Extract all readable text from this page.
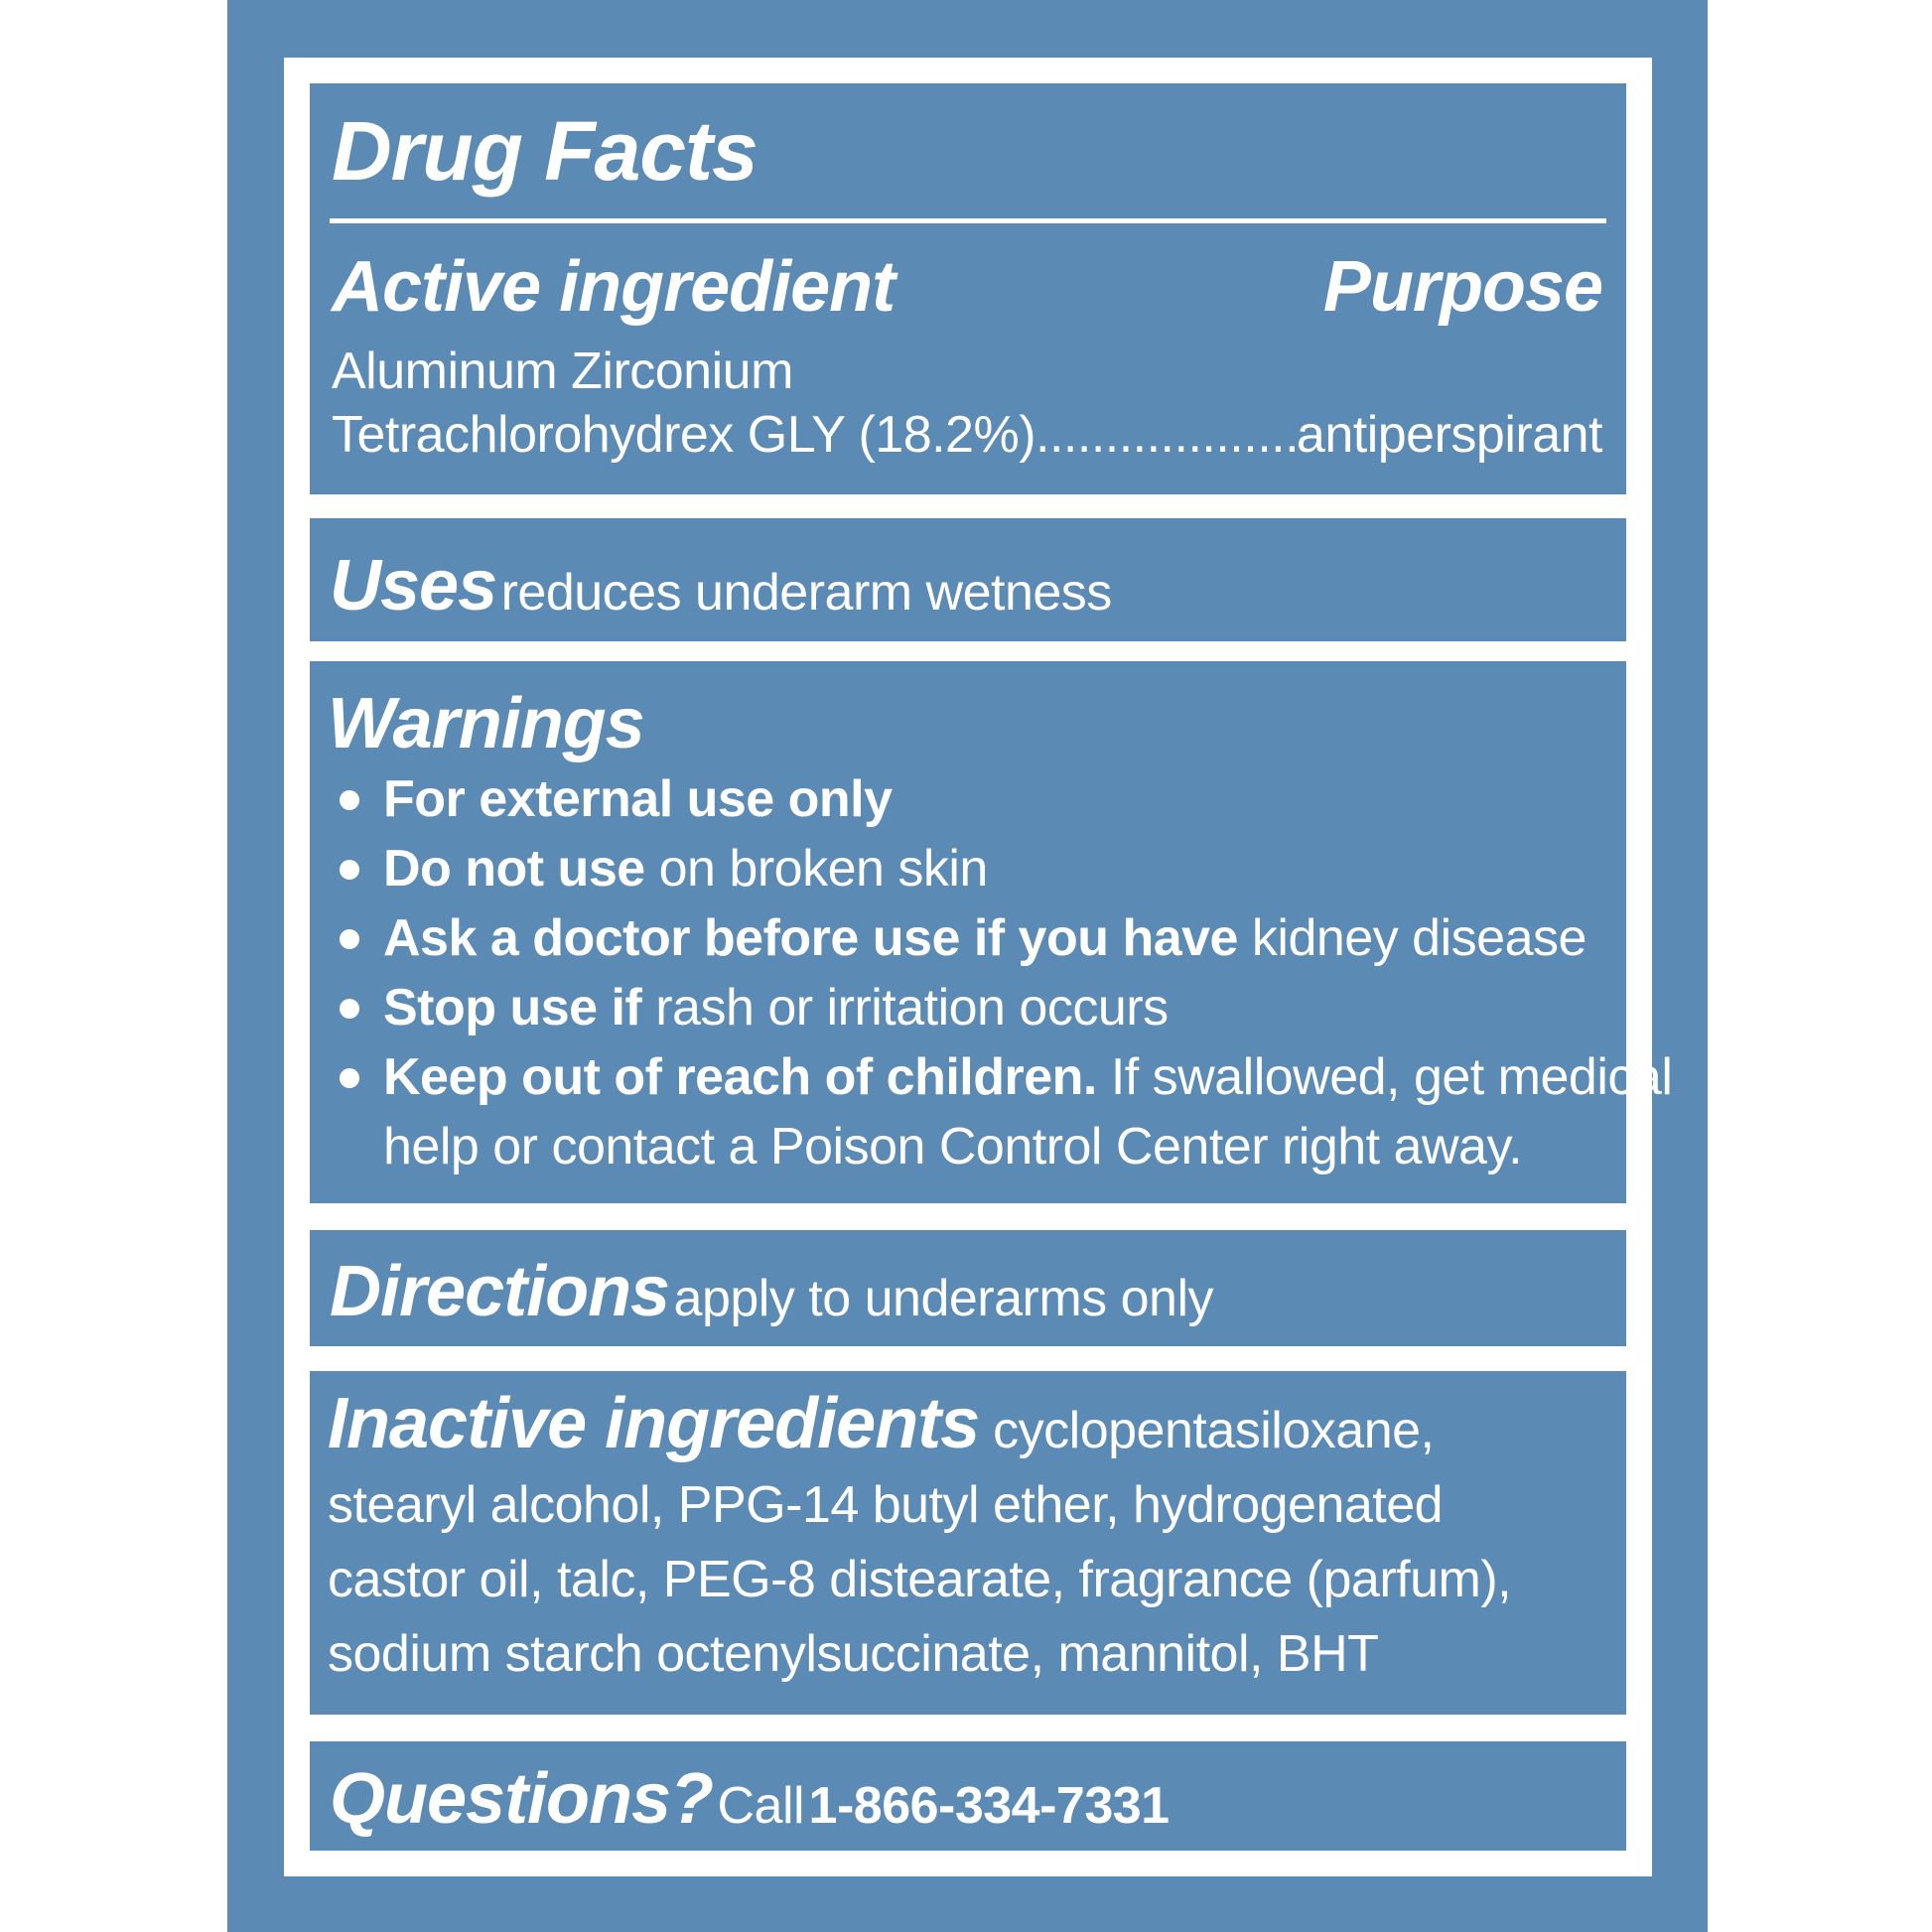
Drug Facts
Active ingredient	Purpose
Aluminum Zirconium
Tetrachlorohydrex GLY (18.2%)
.....	antiperspirant
Uses reduces underarm wetness
Warnings
For external use only
Do not use on broken skin
Ask a doctor before use if you have kidney disease
Stop use if rash or irritation occurs
Keep out of reach of children. If swallowed, get medical
help or contact a Poison Control Center right away.
Directions apply to underarms only
Inactive ingredients cyclopentasiloxane, stearyl alcohol, PPG-14 butyl ether, hydrogenated castor oil, talc, PEG-8 distearate, fragrance (parfum), sodium starch octenylsuccinate, mannitol, BHT
Questions? Call 1-866-334-7331
